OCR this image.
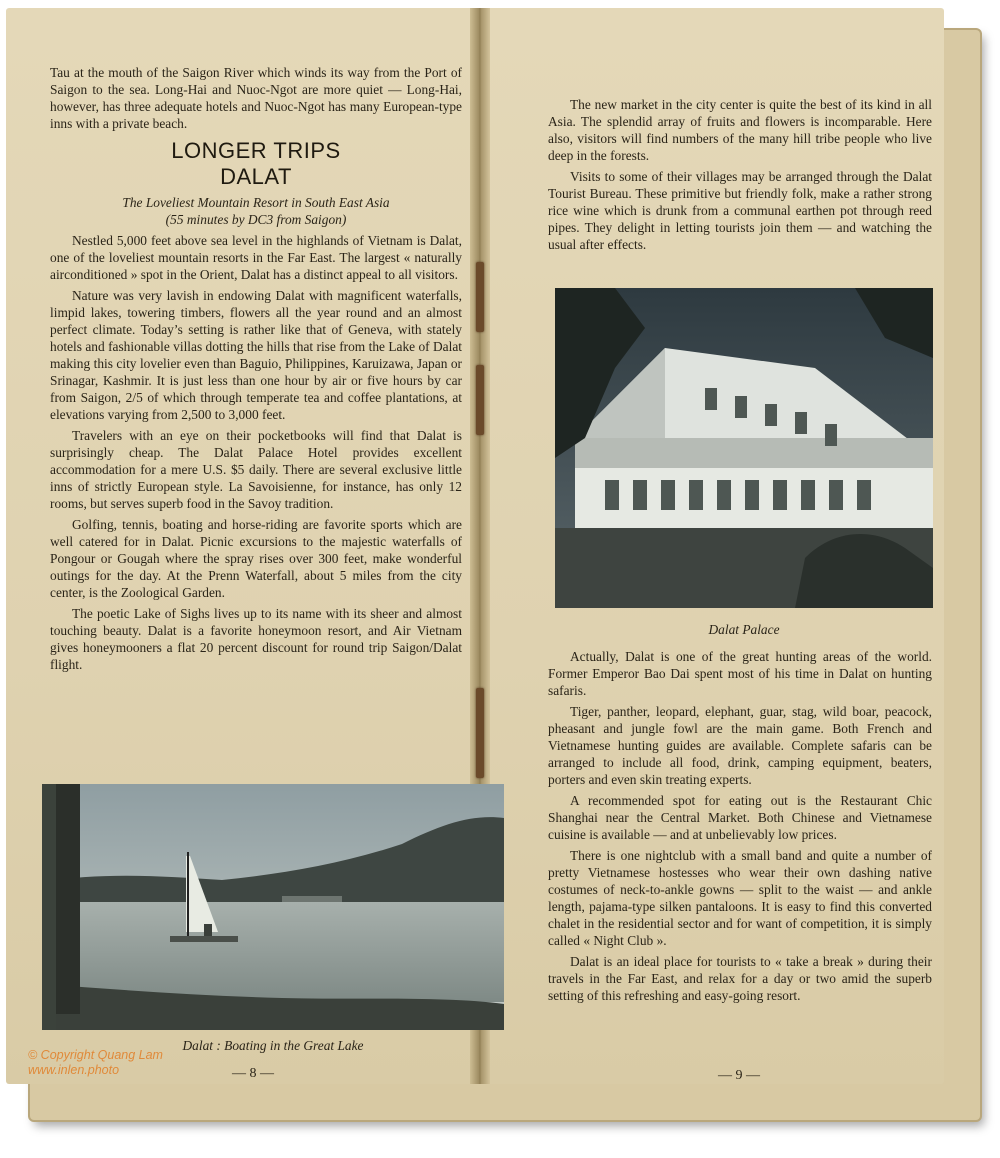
Tau at the mouth of the Saigon River which winds its way from the Port of Saigon to the sea. Long-Hai and Nuoc-Ngot are more quiet — Long-Hai, however, has three adequate hotels and Nuoc-Ngot has many European-type inns with a private beach.

LONGER TRIPS
DALAT
The Loveliest Mountain Resort in South East Asia
(55 minutes by DC3 from Saigon)

Nestled 5,000 feet above sea level in the highlands of Vietnam is Dalat, one of the loveliest mountain resorts in the Far East. The largest « naturally airconditioned » spot in the Orient, Dalat has a distinct appeal to all visitors.

Nature was very lavish in endowing Dalat with magnificent waterfalls, limpid lakes, towering timbers, flowers all the year round and an almost perfect climate. Today’s setting is rather like that of Geneva, with stately hotels and fashionable villas dotting the hills that rise from the Lake of Dalat making this city lovelier even than Baguio, Philippines, Karuizawa, Japan or Srinagar, Kashmir. It is just less than one hour by air or five hours by car from Saigon, 2/5 of which through temperate tea and coffee plantations, at elevations varying from 2,500 to 3,000 feet.

Travelers with an eye on their pocketbooks will find that Dalat is surprisingly cheap. The Dalat Palace Hotel provides excellent accommodation for a mere U.S. $5 daily. There are several exclusive little inns of strictly European style. La Savoisienne, for instance, has only 12 rooms, but serves superb food in the Savoy tradition.

Golfing, tennis, boating and horse-riding are favorite sports which are well catered for in Dalat. Picnic excursions to the majestic waterfalls of Pongour or Gougah where the spray rises over 300 feet, make wonderful outings for the day. At the Prenn Waterfall, about 5 miles from the city center, is the Zoological Garden.

The poetic Lake of Sighs lives up to its name with its sheer and almost touching beauty. Dalat is a favorite honeymoon resort, and Air Vietnam gives honeymooners a flat 20 percent discount for round trip Saigon/Dalat flight.

Dalat : Boating in the Great Lake
— 8 —

The new market in the city center is quite the best of its kind in all Asia. The splendid array of fruits and flowers is incomparable. Here also, visitors will find numbers of the many hill tribe people who live deep in the forests.

Visits to some of their villages may be arranged through the Dalat Tourist Bureau. These primitive but friendly folk, make a rather strong rice wine which is drunk from a communal earthen pot through reed pipes. They delight in letting tourists join them — and watching the usual after effects.

Dalat Palace

Actually, Dalat is one of the great hunting areas of the world. Former Emperor Bao Dai spent most of his time in Dalat on hunting safaris.

Tiger, panther, leopard, elephant, guar, stag, wild boar, peacock, pheasant and jungle fowl are the main game. Both French and Vietnamese hunting guides are available. Complete safaris can be arranged to include all food, drink, camping equipment, beaters, porters and even skin treating experts.

A recommended spot for eating out is the Restaurant Chic Shanghai near the Central Market. Both Chinese and Vietnamese cuisine is available — and at unbelievably low prices.

There is one nightclub with a small band and quite a number of pretty Vietnamese hostesses who wear their own dashing native costumes of neck-to-ankle gowns — split to the waist — and ankle length, pajama-type silken pantaloons. It is easy to find this converted chalet in the residential sector and for want of competition, it is simply called « Night Club ».

Dalat is an ideal place for tourists to « take a break » during their travels in the Far East, and relax for a day or two amid the superb setting of this refreshing and easy-going resort.

— 9 —
© Copyright Quang Lam
www.inlen.photo
